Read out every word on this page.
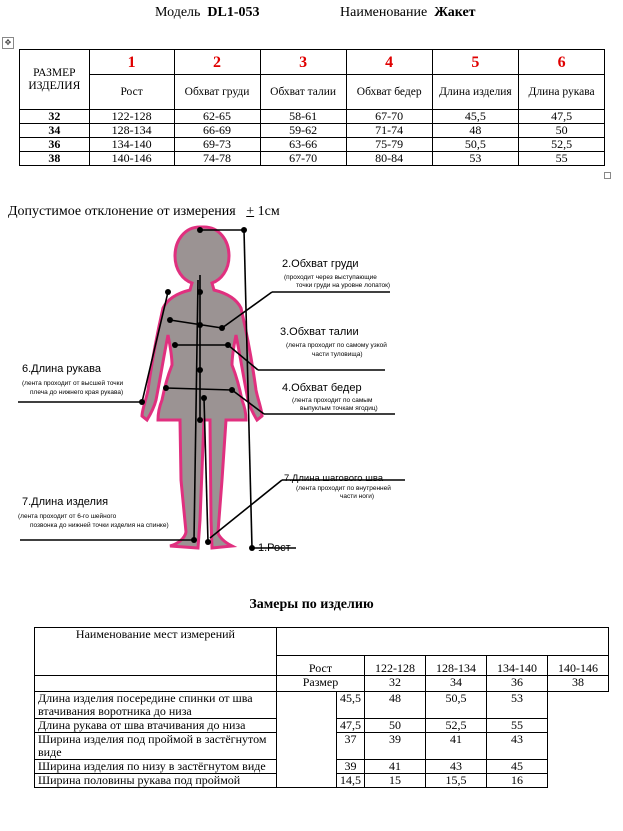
✥
Модель DL1-053	Наименование Жакет
РАЗМЕР ИЗДЕЛИЯ	1	2	3	4	5	6
	Рост	Обхват груди	Обхват талии	Обхват бедер	Длина изделия	Длина рукава
32	122-128	62-65	58-61	67-70	45,5	47,5
34	128-134	66-69	59-62	71-74	48	50
36	134-140	69-73	63-66	75-79	50,5	52,5
38	140-146	74-78	67-70	80-84	53	55
Допустимое отклонение от измерения + 1см
2.Обхват груди
(проходит через выступающие
точки груди на уровне лопаток)
3.Обхват талии
(лента проходит по самому узкой
части туловища)
4.Обхват бедер
(лента проходит по самым
выпуклым точкам ягодиц)
6.Длина рукава
(лента проходит от высшей точки
плеча до нижнего края рукава)
7.Длина шагового шва
(лента проходит по внутренней
части ноги)
7.Длина изделия
(лента проходит от 6-го шейного
позвонка до нижней точки изделия на спинке)
1.Рост
Замеры по изделию
Наименование мест измерений						
	Рост		122-128	128-134	134-140	140-146
	Размер		32	34	36	38
Длина изделия посередине спинки от шва втачивания воротника до низа		45,5	48	50,5	53	
Длина рукава от шва втачивания до низа		47,5	50	52,5	55	
Ширина изделия под проймой в застёгнутом виде		37	39	41	43	
Ширина изделия по низу в застёгнутом виде		39	41	43	45	
Ширина половины рукава под проймой		14,5	15	15,5	16	
